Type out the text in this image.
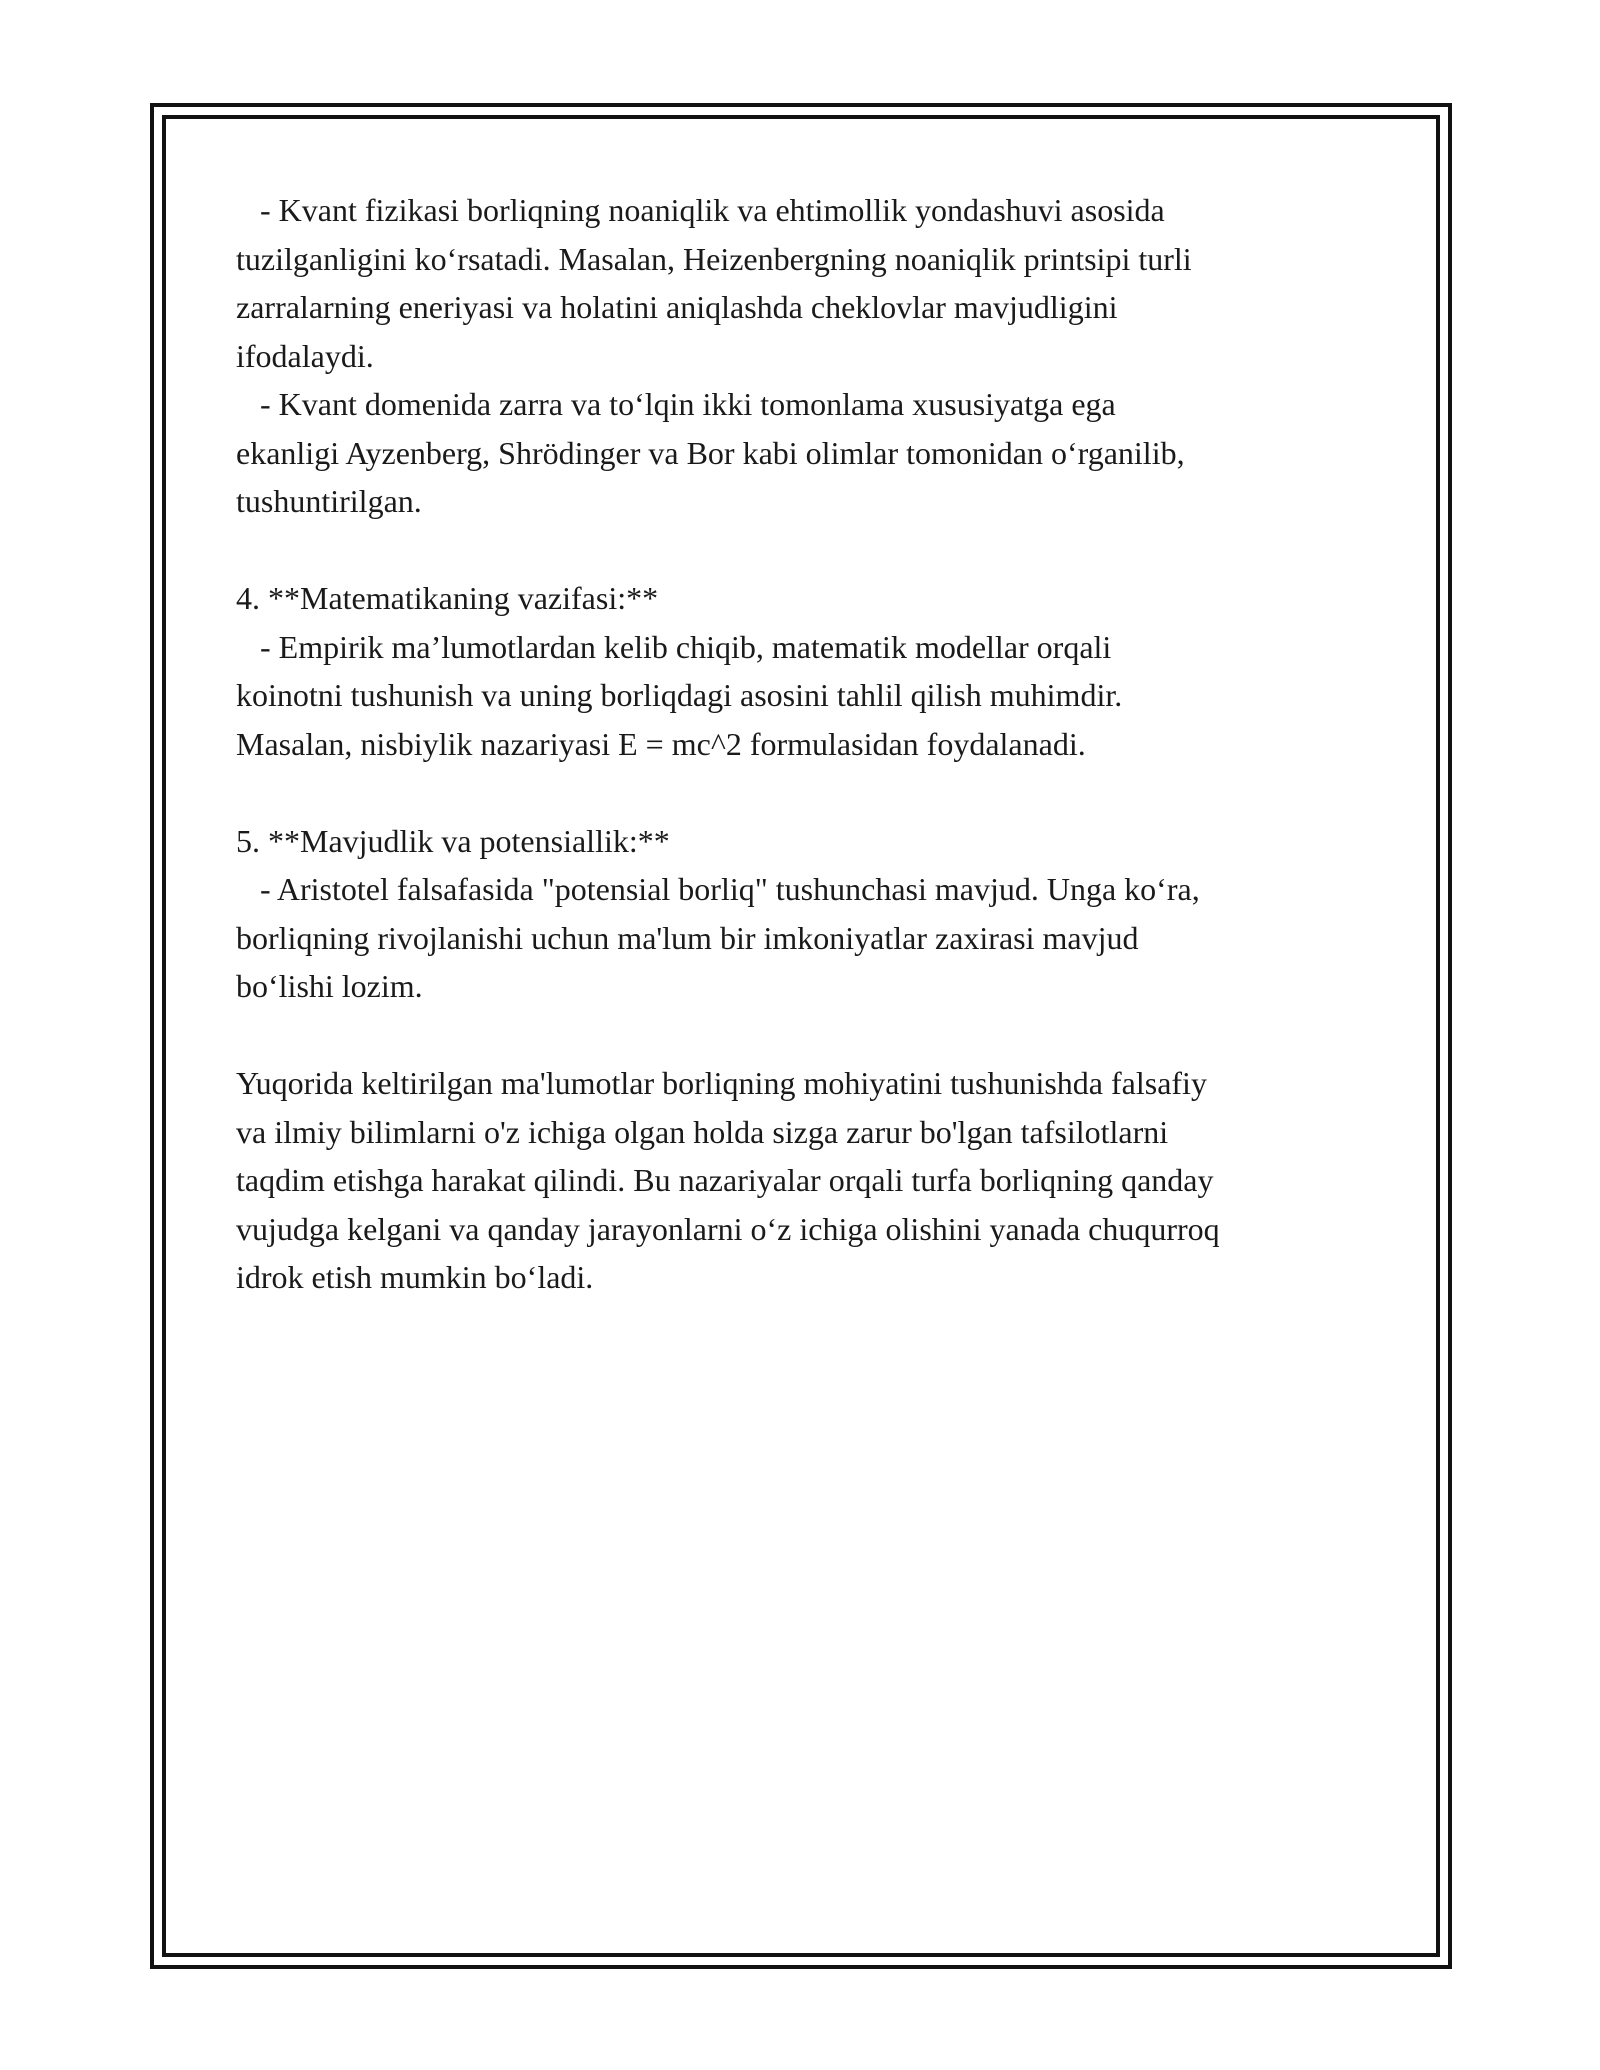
- Kvant fizikasi borliqning noaniqlik va ehtimollik yondashuvi asosida
tuzilganligini ko‘rsatadi. Masalan, Heizenbergning noaniqlik printsipi turli
zarralarning eneriyasi va holatini aniqlashda cheklovlar mavjudligini
ifodalaydi.

- Kvant domenida zarra va to‘lqin ikki tomonlama xususiyatga ega
ekanligi Ayzenberg, Shrödinger va Bor kabi olimlar tomonidan o‘rganilib,
tushuntirilgan.

4. **Matematikaning vazifasi:**

- Empirik ma’lumotlardan kelib chiqib, matematik modellar orqali
koinotni tushunish va uning borliqdagi asosini tahlil qilish muhimdir.
Masalan, nisbiylik nazariyasi E = mc^2 formulasidan foydalanadi.

5. **Mavjudlik va potensiallik:**

- Aristotel falsafasida "potensial borliq" tushunchasi mavjud. Unga ko‘ra,
borliqning rivojlanishi uchun ma'lum bir imkoniyatlar zaxirasi mavjud
bo‘lishi lozim.

Yuqorida keltirilgan ma'lumotlar borliqning mohiyatini tushunishda falsafiy
va ilmiy bilimlarni o'z ichiga olgan holda sizga zarur bo'lgan tafsilotlarni
taqdim etishga harakat qilindi. Bu nazariyalar orqali turfa borliqning qanday
vujudga kelgani va qanday jarayonlarni o‘z ichiga olishini yanada chuqurroq
idrok etish mumkin bo‘ladi.
